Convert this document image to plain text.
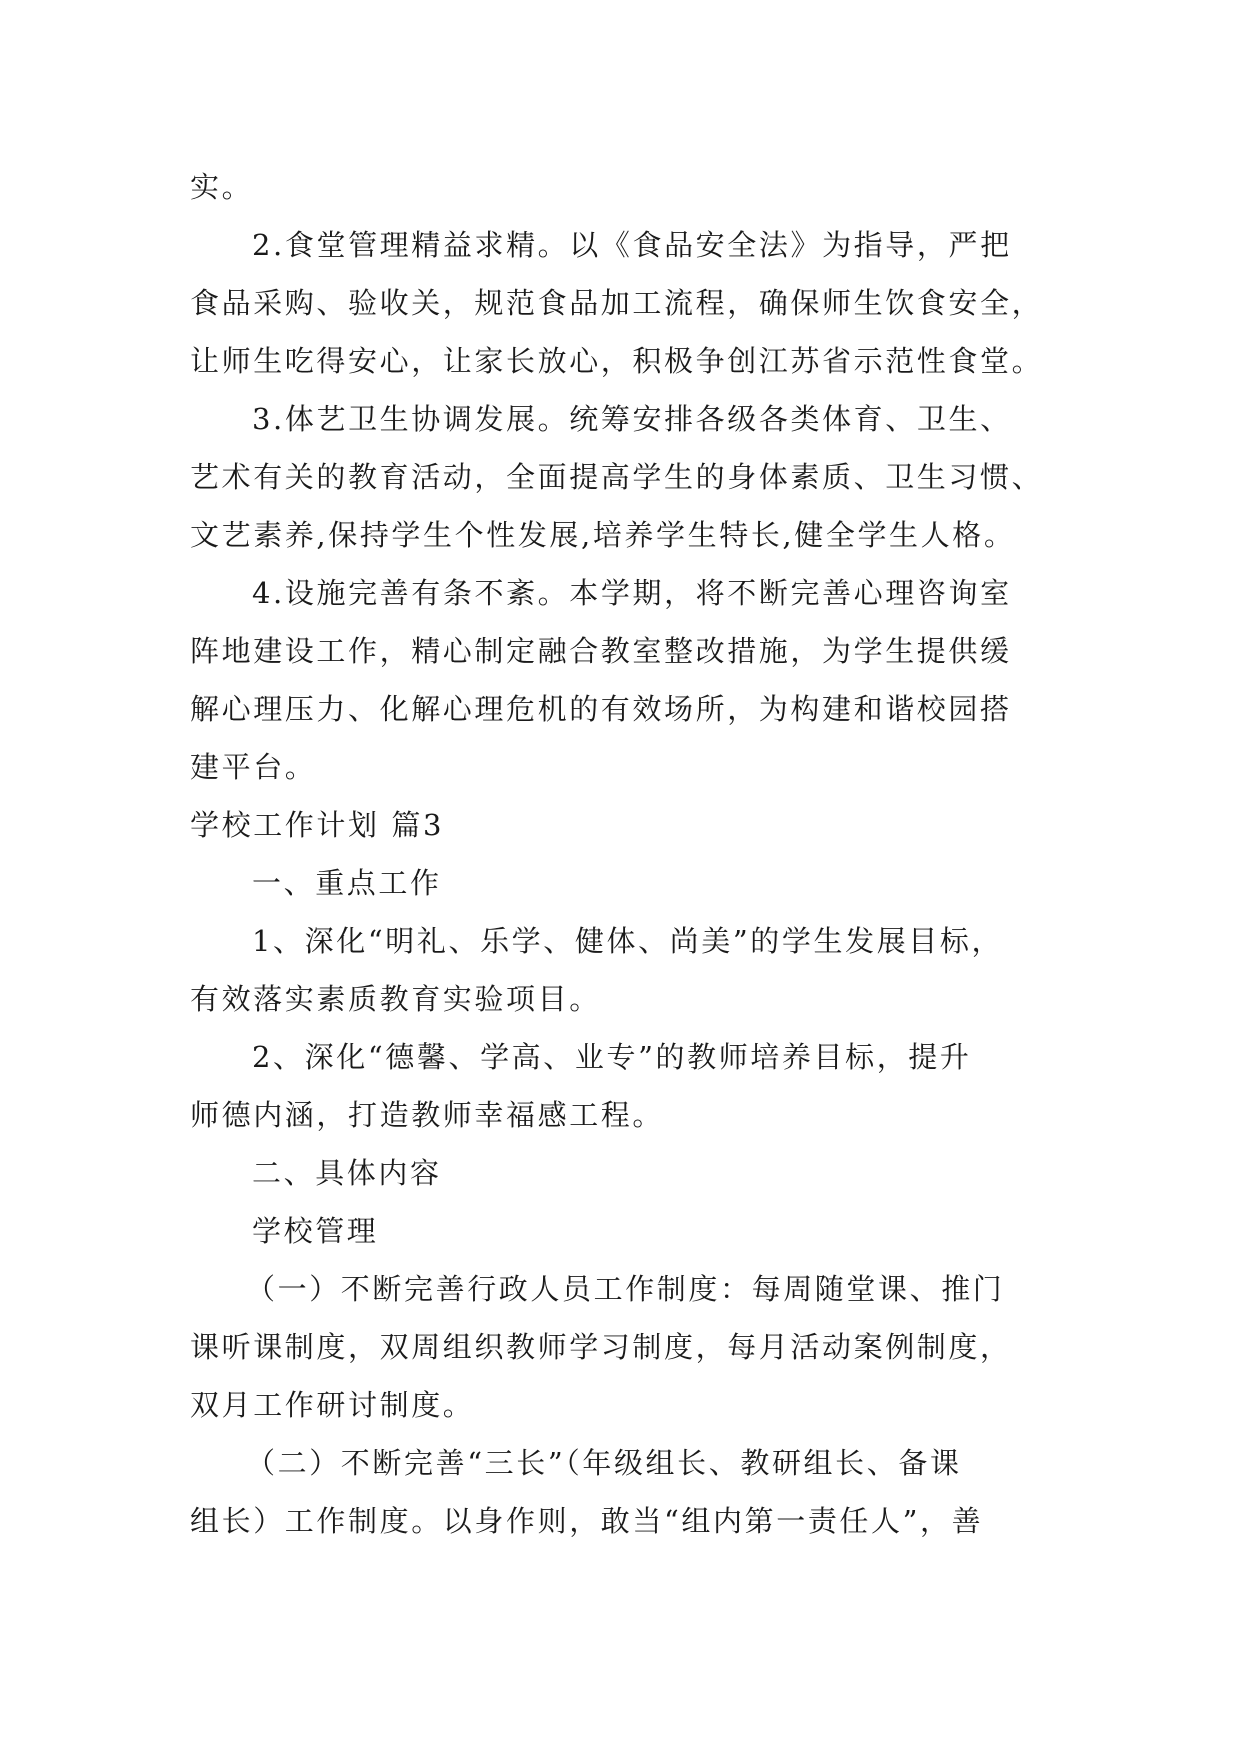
实。
2.食堂管理精益求精。以《食品安全法》为指导，严把
食品采购、验收关，规范食品加工流程，确保师生饮食安全，
让师生吃得安心，让家长放心，积极争创江苏省示范性食堂。
3.体艺卫生协调发展。统筹安排各级各类体育、卫生、
艺术有关的教育活动，全面提高学生的身体素质、卫生习惯、
文艺素养,保持学生个性发展,培养学生特长,健全学生人格。
4.设施完善有条不紊。本学期，将不断完善心理咨询室
阵地建设工作，精心制定融合教室整改措施，为学生提供缓
解心理压力、化解心理危机的有效场所，为构建和谐校园搭
建平台。
学校工作计划 篇3
一、重点工作
1、深化“明礼、乐学、健体、尚美”的学生发展目标，
有效落实素质教育实验项目。
2、深化“德馨、学高、业专”的教师培养目标，提升
师德内涵，打造教师幸福感工程。
二、具体内容
学校管理
（一）不断完善行政人员工作制度：每周随堂课、推门
课听课制度，双周组织教师学习制度，每月活动案例制度，
双月工作研讨制度。
（二）不断完善“三长”（年级组长、教研组长、备课
组长）工作制度。以身作则，敢当“组内第一责任人”，善
